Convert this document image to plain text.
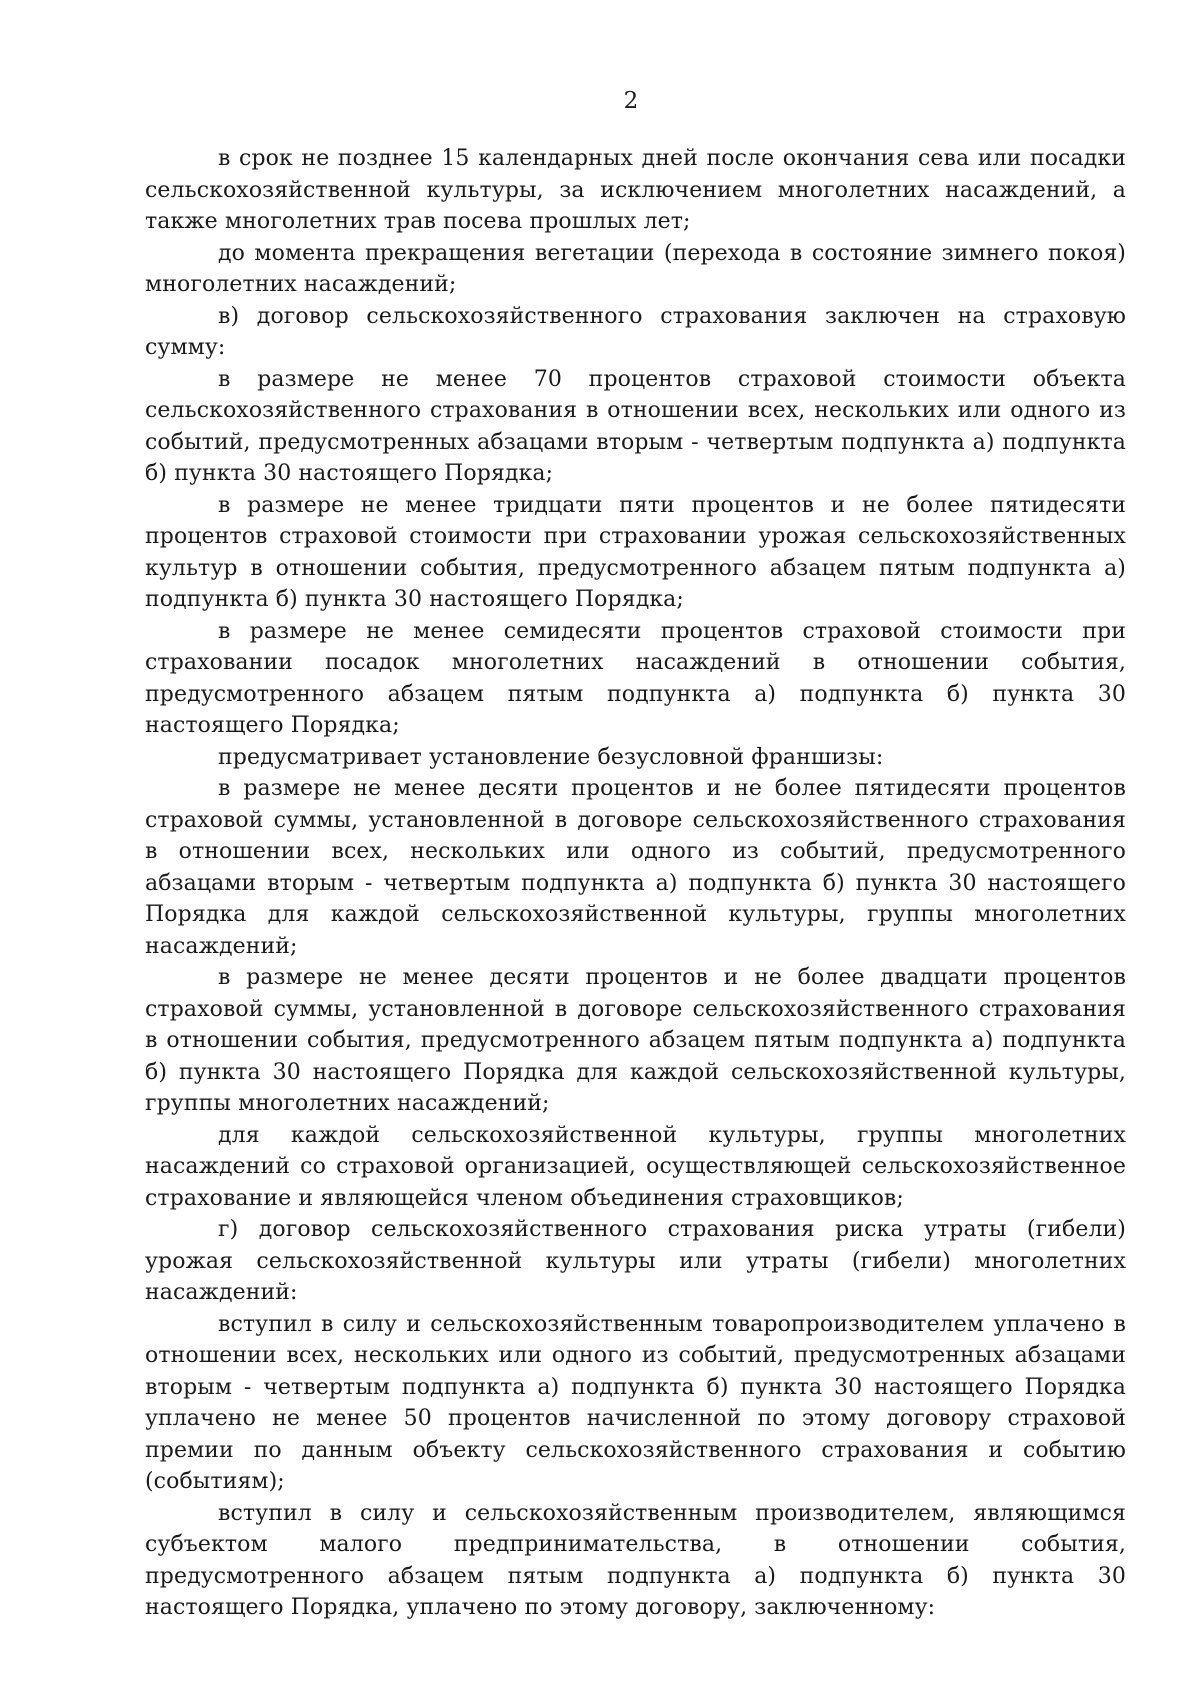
2

в срок не позднее 15 календарных дней после окончания сева или посадки сельскохозяйственной культуры, за исключением многолетних насаждений, а также многолетних трав посева прошлых лет;

до момента прекращения вегетации (перехода в состояние зимнего покоя) многолетних насаждений;

в) договор сельскохозяйственного страхования заключен на страховую сумму:

в размере не менее 70 процентов страховой стоимости объекта сельскохозяйственного страхования в отношении всех, нескольких или одного из событий, предусмотренных абзацами вторым - четвертым подпункта а) подпункта б) пункта 30 настоящего Порядка;

в размере не менее тридцати пяти процентов и не более пятидесяти процентов страховой стоимости при страховании урожая сельскохозяйственных культур в отношении события, предусмотренного абзацем пятым подпункта а) подпункта б) пункта 30 настоящего Порядка;

в размере не менее семидесяти процентов страховой стоимости при страховании посадок многолетних насаждений в отношении события, предусмотренного абзацем пятым подпункта а) подпункта б) пункта 30 настоящего Порядка;

предусматривает установление безусловной франшизы:

в размере не менее десяти процентов и не более пятидесяти процентов страховой суммы, установленной в договоре сельскохозяйственного страхования в отношении всех, нескольких или одного из событий, предусмотренного абзацами вторым - четвертым подпункта а) подпункта б) пункта 30 настоящего Порядка для каждой сельскохозяйственной культуры, группы многолетних насаждений;

в размере не менее десяти процентов и не более двадцати процентов страховой суммы, установленной в договоре сельскохозяйственного страхования в отношении события, предусмотренного абзацем пятым подпункта а) подпункта б) пункта 30 настоящего Порядка для каждой сельскохозяйственной культуры, группы многолетних насаждений;

для каждой сельскохозяйственной культуры, группы многолетних насаждений со страховой организацией, осуществляющей сельскохозяйственное страхование и являющейся членом объединения страховщиков;

г) договор сельскохозяйственного страхования риска утраты (гибели) урожая сельскохозяйственной культуры или утраты (гибели) многолетних насаждений:

вступил в силу и сельскохозяйственным товаропроизводителем уплачено в отношении всех, нескольких или одного из событий, предусмотренных абзацами вторым - четвертым подпункта а) подпункта б) пункта 30 настоящего Порядка уплачено не менее 50 процентов начисленной по этому договору страховой премии по данным объекту сельскохозяйственного страхования и событию (событиям);

вступил в силу и сельскохозяйственным производителем, являющимся субъектом малого предпринимательства, в отношении события, предусмотренного абзацем пятым подпункта а) подпункта б) пункта 30 настоящего Порядка, уплачено по этому договору, заключенному:
